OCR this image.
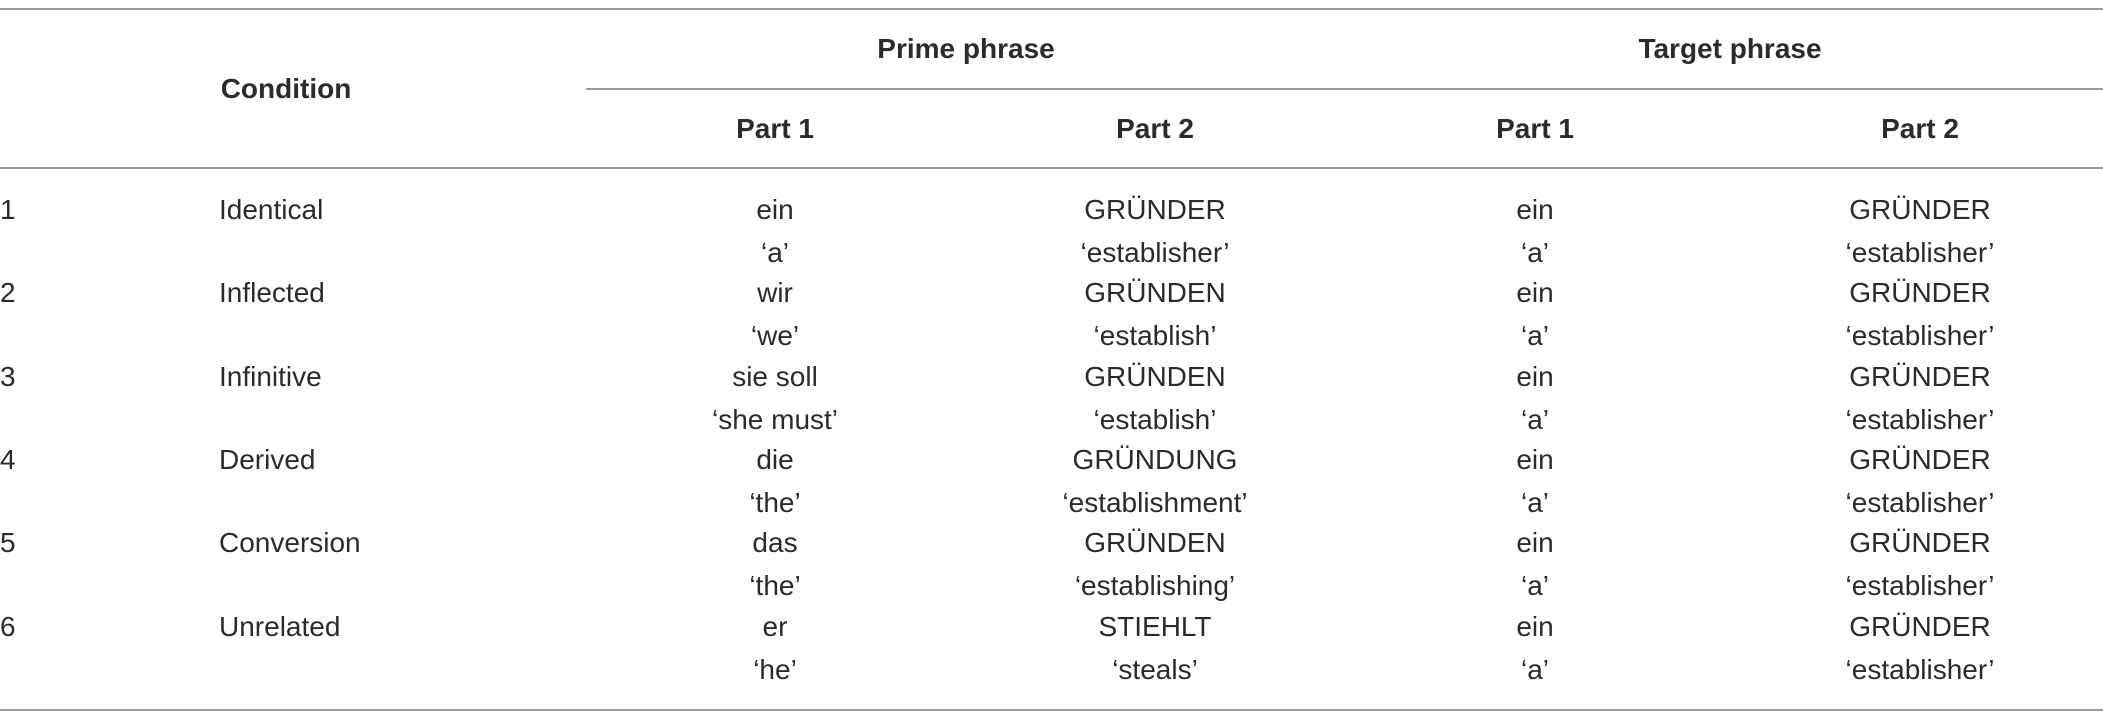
Condition
Prime phrase	Target phrase
Part 1	Part 2	Part 1	Part 2
1	Identical	ein	GRÜNDER	ein	GRÜNDER
‘a’	‘establisher’	‘a’	‘establisher’
2	Inflected	wir	GRÜNDEN	ein	GRÜNDER
‘we’	‘establish’	‘a’	‘establisher’
3	Infinitive	sie soll	GRÜNDEN	ein	GRÜNDER
‘she must’	‘establish’	‘a’	‘establisher’
4	Derived	die	GRÜNDUNG	ein	GRÜNDER
‘the’	‘establishment’	‘a’	‘establisher’
5	Conversion	das	GRÜNDEN	ein	GRÜNDER
‘the’	‘establishing’	‘a’	‘establisher’
6	Unrelated	er	STIEHLT	ein	GRÜNDER
‘he’	‘steals’	‘a’	‘establisher’
